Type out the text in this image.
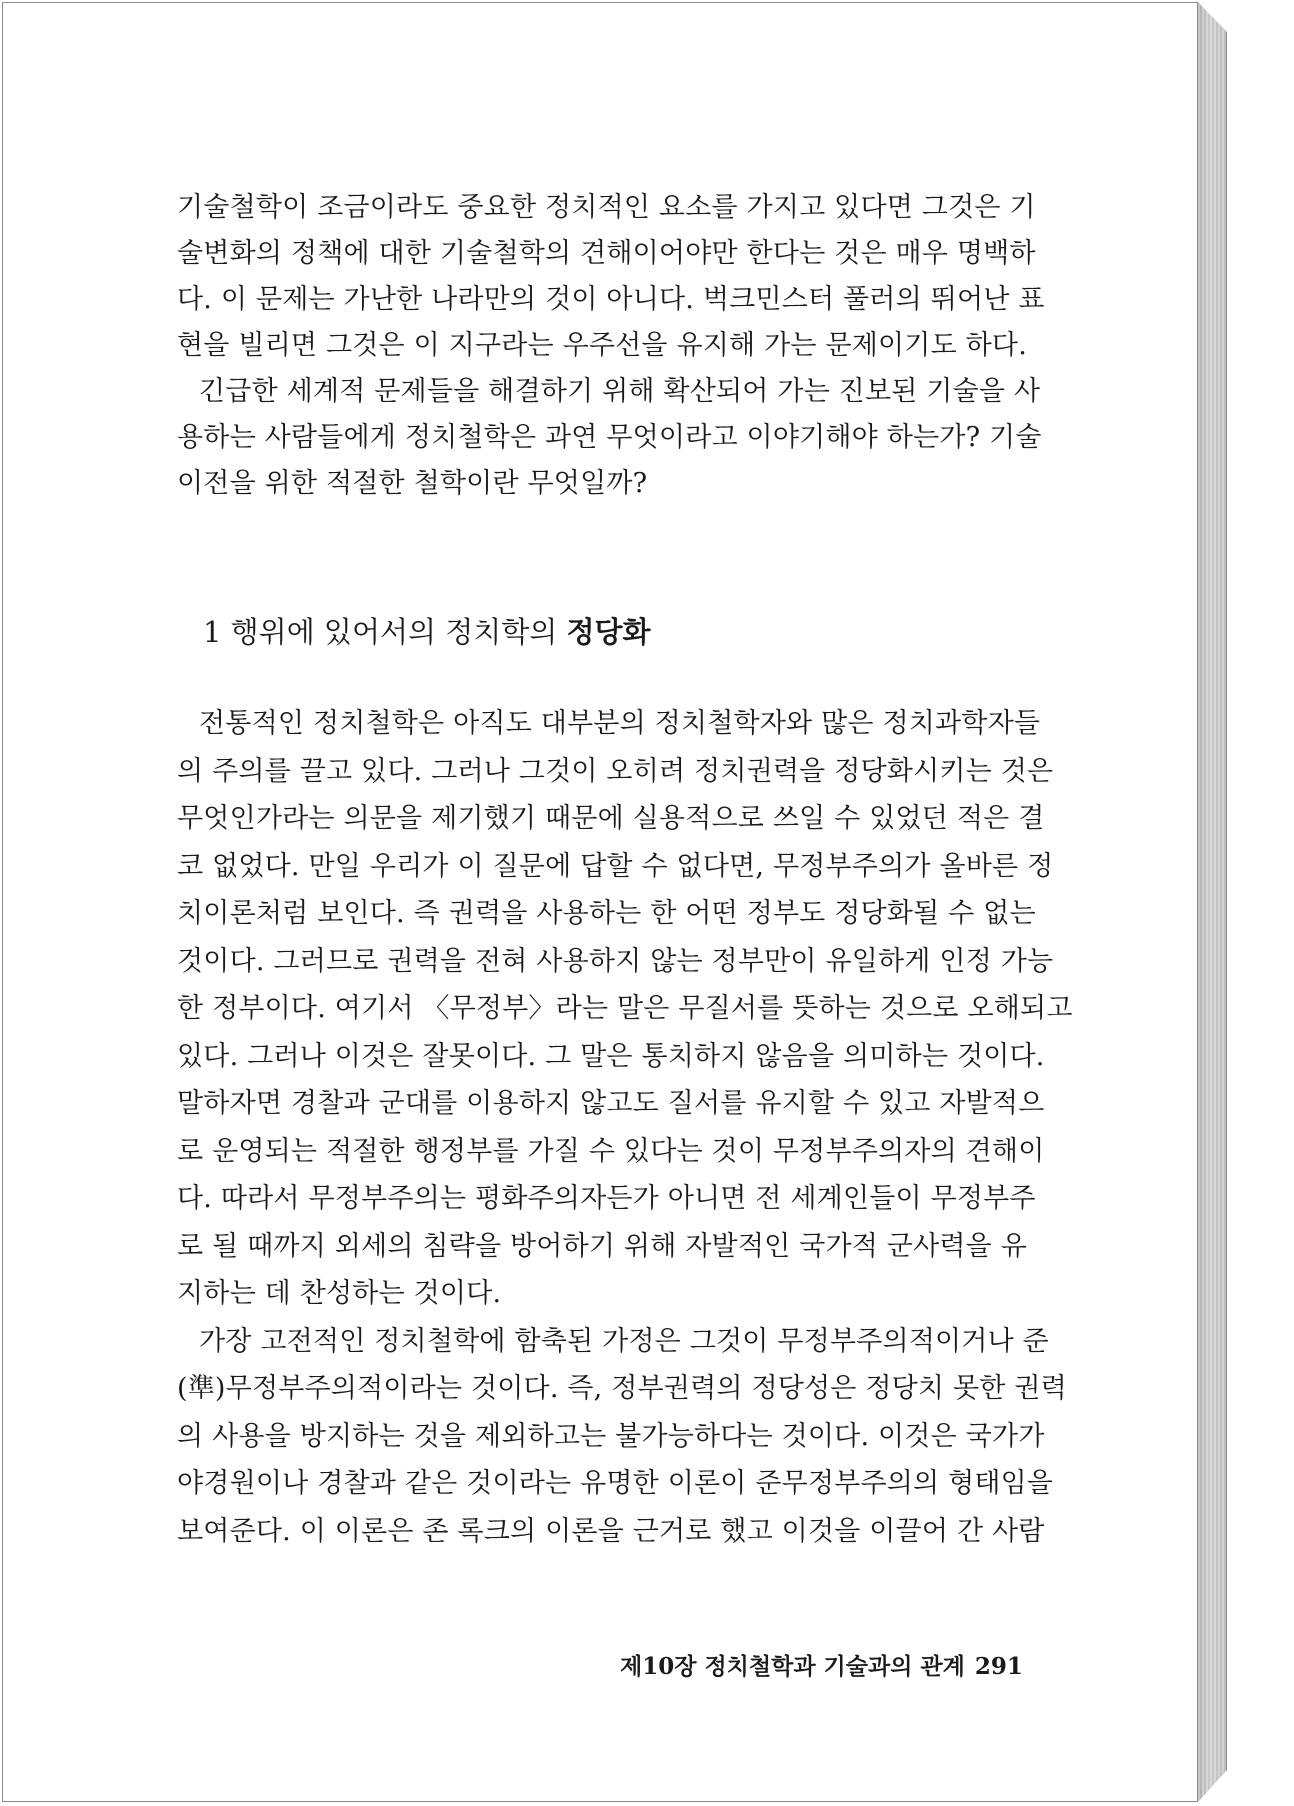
기술철학이 조금이라도 중요한 정치적인 요소를 가지고 있다면 그것은 기
술변화의 정책에 대한 기술철학의 견해이어야만 한다는 것은 매우 명백하
다. 이 문제는 가난한 나라만의 것이 아니다. 벅크민스터 풀러의 뛰어난 표
현을 빌리면 그것은 이 지구라는 우주선을 유지해 가는 문제이기도 하다.
긴급한 세계적 문제들을 해결하기 위해 확산되어 가는 진보된 기술을 사
용하는 사람들에게 정치철학은 과연 무엇이라고 이야기해야 하는가? 기술
이전을 위한 적절한 철학이란 무엇일까?
1 행위에 있어서의 정치학의 정당화
전통적인 정치철학은 아직도 대부분의 정치철학자와 많은 정치과학자들
의 주의를 끌고 있다. 그러나 그것이 오히려 정치권력을 정당화시키는 것은
무엇인가라는 의문을 제기했기 때문에 실용적으로 쓰일 수 있었던 적은 결
코 없었다. 만일 우리가 이 질문에 답할 수 없다면, 무정부주의가 올바른 정
치이론처럼 보인다. 즉 권력을 사용하는 한 어떤 정부도 정당화될 수 없는
것이다. 그러므로 권력을 전혀 사용하지 않는 정부만이 유일하게 인정 가능
한 정부이다. 여기서 〈무정부〉라는 말은 무질서를 뜻하는 것으로 오해되고
있다. 그러나 이것은 잘못이다. 그 말은 통치하지 않음을 의미하는 것이다.
말하자면 경찰과 군대를 이용하지 않고도 질서를 유지할 수 있고 자발적으
로 운영되는 적절한 행정부를 가질 수 있다는 것이 무정부주의자의 견해이
다. 따라서 무정부주의는 평화주의자든가 아니면 전 세계인들이 무정부주
로 될 때까지 외세의 침략을 방어하기 위해 자발적인 국가적 군사력을 유
지하는 데 찬성하는 것이다.
가장 고전적인 정치철학에 함축된 가정은 그것이 무정부주의적이거나 준
(準)무정부주의적이라는 것이다. 즉, 정부권력의 정당성은 정당치 못한 권력
의 사용을 방지하는 것을 제외하고는 불가능하다는 것이다. 이것은 국가가
야경원이나 경찰과 같은 것이라는 유명한 이론이 준무정부주의의 형태임을
보여준다. 이 이론은 존 록크의 이론을 근거로 했고 이것을 이끌어 간 사람
제10장 정치철학과 기술과의 관계 291
